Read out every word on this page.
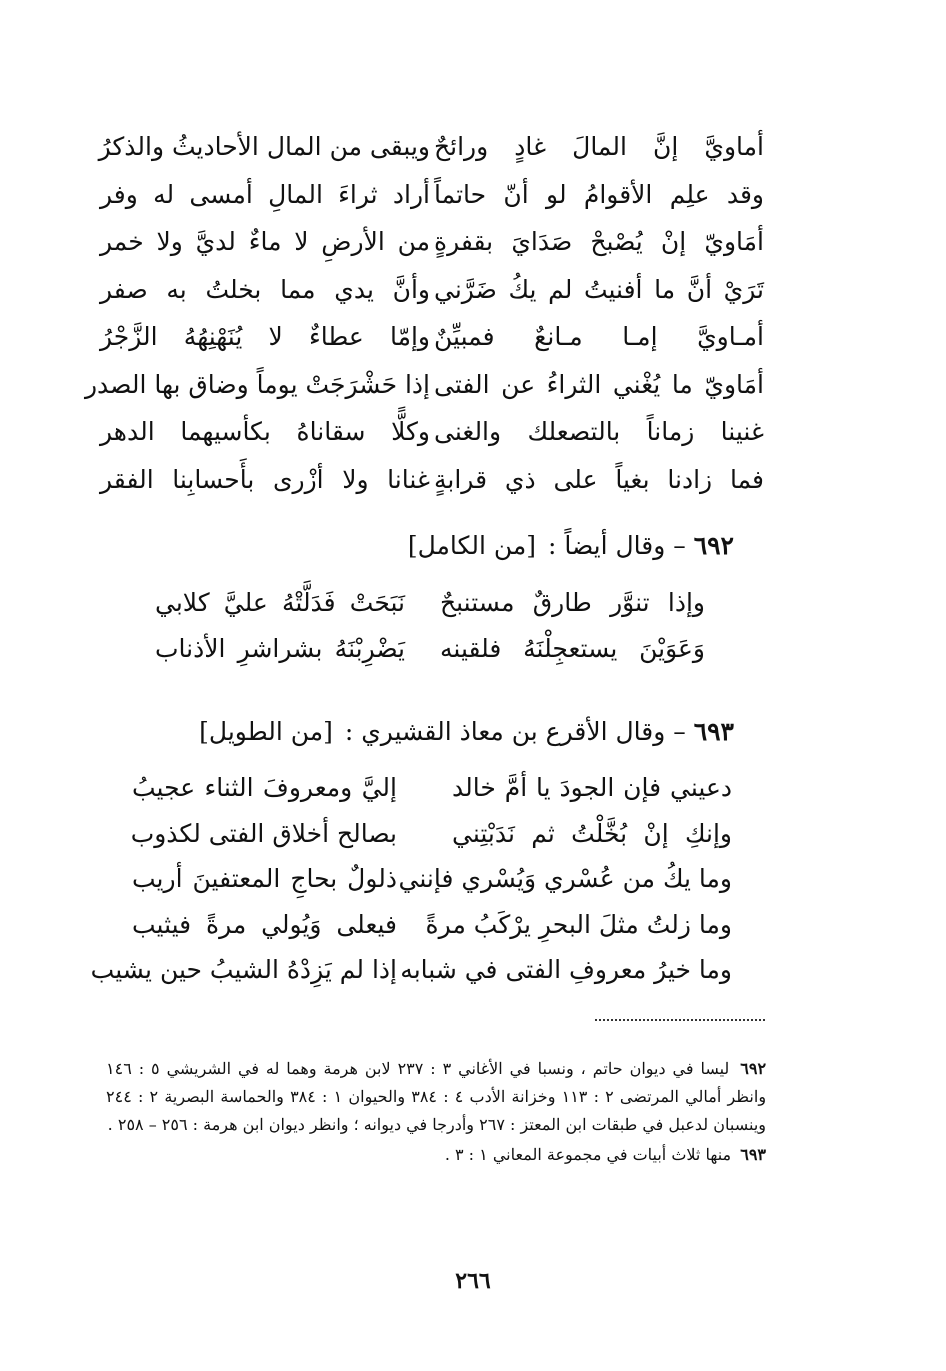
أماويَّ إنَّ المالَ غادٍ ورائحٌ
ويبقى من المال الأحاديثُ والذكرُ
وقد علِم الأقوامُ لو أنّ حاتماً
أراد ثراءَ المالِ أمسى له وفر
أمَاويّ إنْ يُصْبحْ صَدَايَ بقفرةٍ
من الأرضِ لا ماءٌ لديَّ ولا خمر
تَرَيْ أنَّ ما أفنيتُ لم يكُ ضَرَّني
وأنَّ يدي مما بخلتُ به صفر
أمـاويَّ إمـا مـانعٌ فمبيِّنٌ
وإمّا عطاءٌ لا يُنَهْنِهُهُ الزَّجْرُ
أمَاويّ ما يُغْني الثراءُ عن الفتى
إذا حَشْرَجَتْ يوماً وضاق بها الصدر
غنينا زماناً بالتصعلك والغنى
وكلًّا سقاناهُ بكأسيهما الدهر
فما زادنا بغياً على ذي قرابةٍ
غنانا ولا أزْرى بأَحسابِنا الفقر
٦٩٢ – وقال أيضاً : [من الكامل]
وإذا تنوَّر طارقٌ مستنبحٌ
نَبَحَتْ فَدَلَّتْهُ عليَّ كلابي
وَعَوَيْنَ يستعجِلْنَهُ فلقينه
يَضْرِبْنَهُ بشراشرِ الأذناب
٦٩٣ – وقال الأقرع بن معاذ القشيري : [من الطويل]
دعيني فإن الجودَ يا أمَّ خالد
إليَّ ومعروفَ الثناء عجيبُ
وإنكِ إنْ بُخَّلْتُ ثم نَدَبْتِني
بصالح أخلاق الفتى لكذوب
وما يكُ من عُسْري وَيُسْري فإنني
ذلولٌ بحاجِ المعتفينَ أريب
وما زلتُ مثلَ البحرِ يرْكَبُ مرةً
فيعلى وَيُولي مرةً فيثيب
وما خيرُ معروفِ الفتى في شبابه
إذا لم يَزِدْهُ الشيبُ حين يشيب

٦٩٢ ليسا في ديوان حاتم ، ونسبا في الأغاني ٣ : ٢٣٧ لابن هرمة وهما له في الشريشي ٥ : ١٤٦ وانظر أمالي المرتضى ٢ : ١١٣ وخزانة الأدب ٤ : ٣٨٤ والحيوان ١ : ٣٨٤ والحماسة البصرية ٢ : ٢٤٤ وينسبان لدعبل في طبقات ابن المعتز : ٢٦٧ وأدرجا في ديوانه ؛ وانظر ديوان ابن هرمة : ٢٥٦ – ٢٥٨ .

٦٩٣ منها ثلاث أبيات في مجموعة المعاني ١ : ٣ .

٢٦٦
